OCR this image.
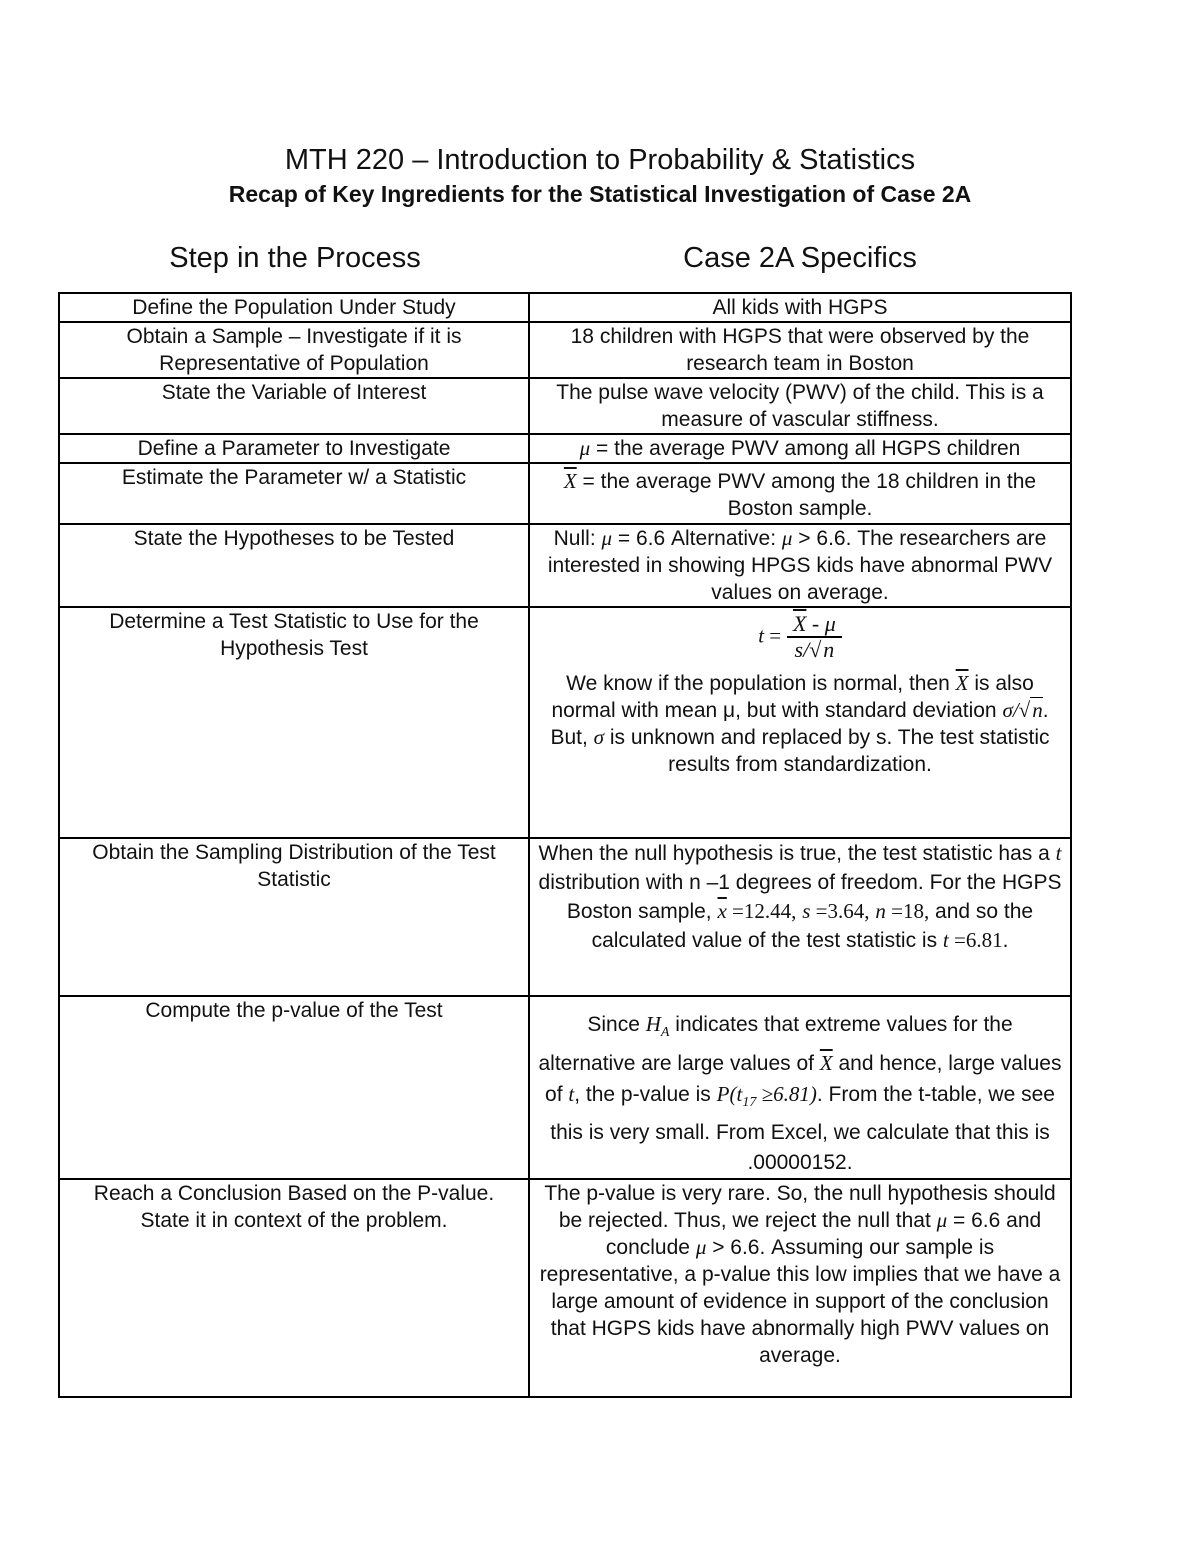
MTH 220 – Introduction to Probability & Statistics
Recap of Key Ingredients for the Statistical Investigation of Case 2A
Step in the Process	Case 2A Specifics
Define the Population Under Study	All kids with HGPS
Obtain a Sample – Investigate if it is Representative of Population	18 children with HGPS that were observed by the research team in Boston
State the Variable of Interest	The pulse wave velocity (PWV) of the child. This is a measure of vascular stiffness.
Define a Parameter to Investigate	μ = the average PWV among all HGPS children
Estimate the Parameter w/ a Statistic	$\overline{X}$ = the average PWV among the 18 children in the Boston sample.
State the Hypotheses to be Tested	Null: μ = 6.6 Alternative: μ > 6.6. The researchers are interested in showing HPGS kids have abnormal PWV values on average.
Determine a Test Statistic to Use for the Hypothesis Test	$t = \frac{\overline{X} - \mu}{s/√n}$
We know if the population is normal, then $\overline{X}$ is also normal with mean μ, but with standard deviation σ/√n. But, σ is unknown and replaced by s. The test statistic results from standardization.
Obtain the Sampling Distribution of the Test Statistic	When the null hypothesis is true, the test statistic has a t distribution with n –1 degrees of freedom. For the HGPS Boston sample, $\overline{x} =12.44$, s =3.64, n =18, and so the calculated value of the test statistic is t =6.81.
Compute the p-value of the Test	Since $H_A$ indicates that extreme values for the alternative are large values of $\overline{X}$ and hence, large values of t, the p-value is $P(t_{17} \ge 6.81)$. From the t-table, we see this is very small. From Excel, we calculate that this is .00000152.
Reach a Conclusion Based on the P-value. State it in context of the problem.	The p-value is very rare. So, the null hypothesis should be rejected. Thus, we reject the null that μ = 6.6 and conclude μ > 6.6. Assuming our sample is representative, a p-value this low implies that we have a large amount of evidence in support of the conclusion that HGPS kids have abnormally high PWV values on average.
